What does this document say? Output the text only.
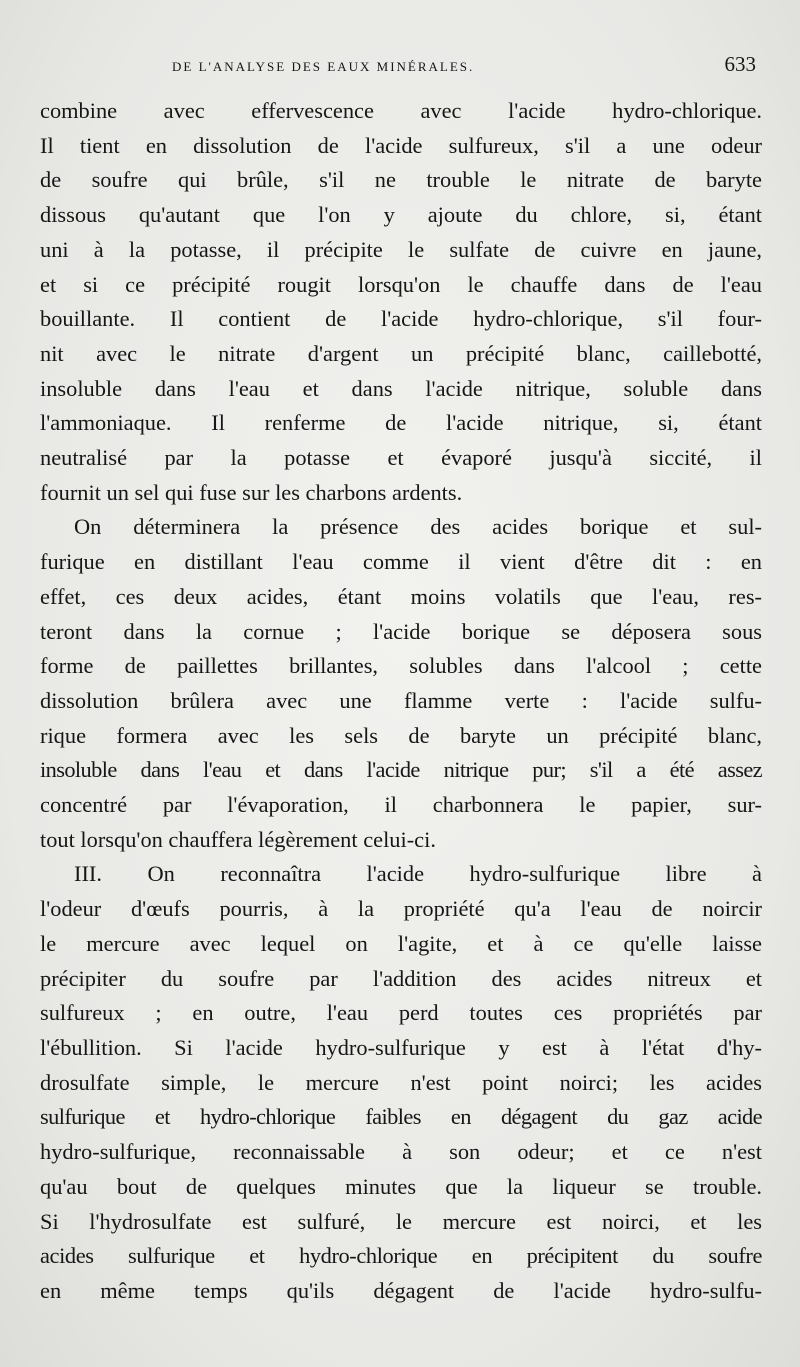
DE L'ANALYSE DES EAUX MINÉRALES.	633

combine avec effervescence avec l'acide hydro-chlorique.
Il tient en dissolution de l'acide sulfureux, s'il a une odeur
de soufre qui brûle, s'il ne trouble le nitrate de baryte
dissous qu'autant que l'on y ajoute du chlore, si, étant
uni à la potasse, il précipite le sulfate de cuivre en jaune,
et si ce précipité rougit lorsqu'on le chauffe dans de l'eau
bouillante. Il contient de l'acide hydro-chlorique, s'il four-
nit avec le nitrate d'argent un précipité blanc, caillebotté,
insoluble dans l'eau et dans l'acide nitrique, soluble dans
l'ammoniaque. Il renferme de l'acide nitrique, si, étant
neutralisé par la potasse et évaporé jusqu'à siccité, il
fournit un sel qui fuse sur les charbons ardents.

On déterminera la présence des acides borique et sul-
furique en distillant l'eau comme il vient d'être dit : en
effet, ces deux acides, étant moins volatils que l'eau, res-
teront dans la cornue ; l'acide borique se déposera sous
forme de paillettes brillantes, solubles dans l'alcool ; cette
dissolution brûlera avec une flamme verte : l'acide sulfu-
rique formera avec les sels de baryte un précipité blanc,
insoluble dans l'eau et dans l'acide nitrique pur; s'il a été assez
concentré par l'évaporation, il charbonnera le papier, sur-
tout lorsqu'on chauffera légèrement celui-ci.

III. On reconnaîtra l'acide hydro-sulfurique libre à
l'odeur d'œufs pourris, à la propriété qu'a l'eau de noircir
le mercure avec lequel on l'agite, et à ce qu'elle laisse
précipiter du soufre par l'addition des acides nitreux et
sulfureux ; en outre, l'eau perd toutes ces propriétés par
l'ébullition. Si l'acide hydro-sulfurique y est à l'état d'hy-
drosulfate simple, le mercure n'est point noirci; les acides
sulfurique et hydro-chlorique faibles en dégagent du gaz acide
hydro-sulfurique, reconnaissable à son odeur; et ce n'est
qu'au bout de quelques minutes que la liqueur se trouble.
Si l'hydrosulfate est sulfuré, le mercure est noirci, et les
acides sulfurique et hydro-chlorique en précipitent du soufre
en même temps qu'ils dégagent de l'acide hydro-sulfu-
